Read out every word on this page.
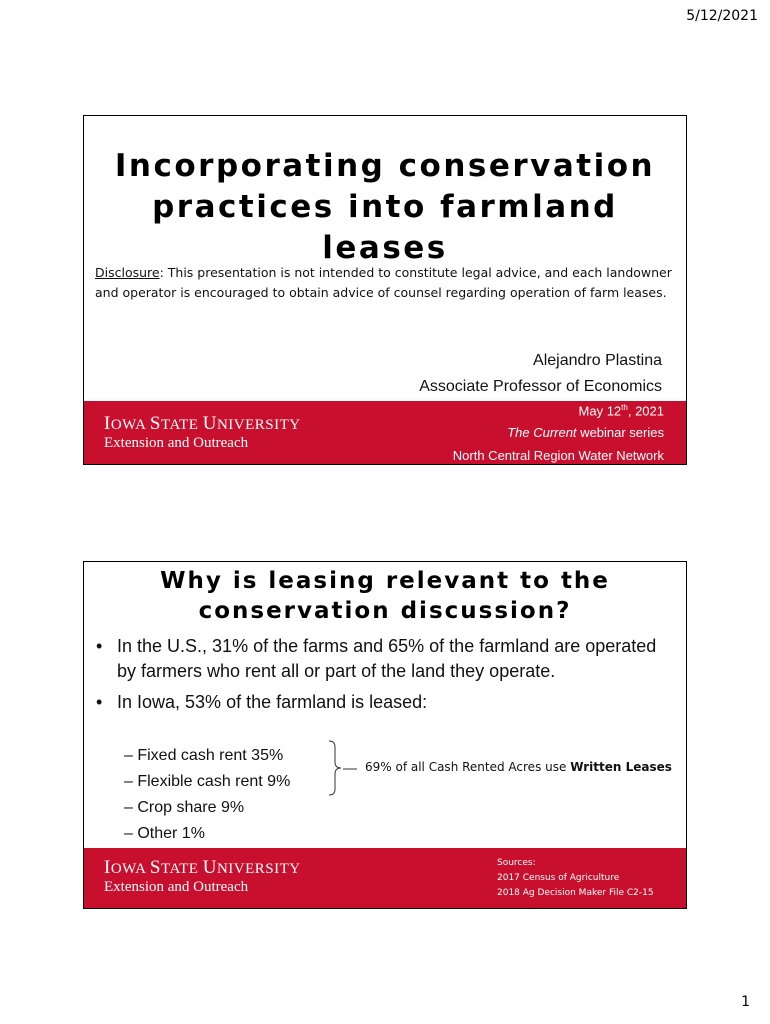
5/12/2021
Incorporating conservation
practices into farmland leases
Disclosure: This presentation is not intended to constitute legal advice, and each landowner and operator is encouraged to obtain advice of counsel regarding operation of farm leases.
Alejandro Plastina
Associate Professor of Economics
IOWA STATE UNIVERSITY
Extension and Outreach
May 12th, 2021
The Current webinar series
North Central Region Water Network
Why is leasing relevant to the
conservation discussion?
• In the U.S., 31% of the farms and 65% of the farmland are operated by farmers who rent all or part of the land they operate.
• In Iowa, 53% of the farmland is leased:
– Fixed cash rent 35%
– Flexible cash rent 9%
– Crop share 9%
– Other 1%
69% of all Cash Rented Acres use Written Leases
IOWA STATE UNIVERSITY
Extension and Outreach
Sources:
2017 Census of Agriculture
2018 Ag Decision Maker File C2-15
1
